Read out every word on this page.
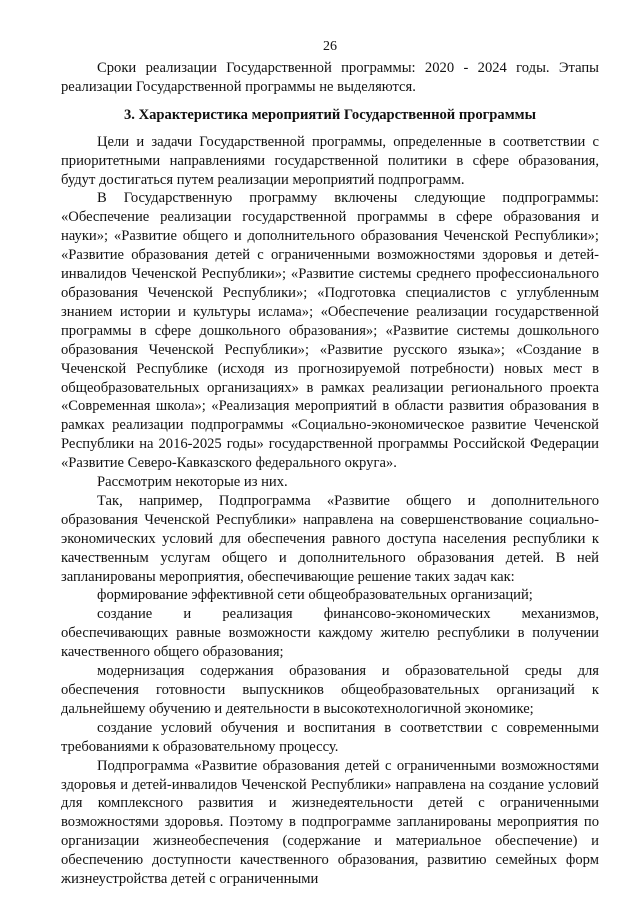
26

Сроки реализации Государственной программы: 2020 - 2024 годы. Этапы реализации Государственной программы не выделяются.

3. Характеристика мероприятий Государственной программы

Цели и задачи Государственной программы, определенные в соответствии с приоритетными направлениями государственной политики в сфере образования, будут достигаться путем реализации мероприятий подпрограмм.

В Государственную программу включены следующие подпрограммы: «Обеспечение реализации государственной программы в сфере образования и науки»; «Развитие общего и дополнительного образования Чеченской Республики»; «Развитие образования детей с ограниченными возможностями здоровья и детей-инвалидов Чеченской Республики»; «Развитие системы среднего профессионального образования Чеченской Республики»; «Подготовка специалистов с углубленным знанием истории и культуры ислама»; «Обеспечение реализации государственной программы в сфере дошкольного образования»; «Развитие системы дошкольного образования Чеченской Республики»; «Развитие русского языка»; «Создание в Чеченской Республике (исходя из прогнозируемой потребности) новых мест в общеобразовательных организациях» в рамках реализации регионального проекта «Современная школа»; «Реализация мероприятий в области развития образования в рамках реализации подпрограммы «Социально-экономическое развитие Чеченской Республики на 2016-2025 годы» государственной программы Российской Федерации «Развитие Северо-Кавказского федерального округа».

Рассмотрим некоторые из них.

Так, например, Подпрограмма «Развитие общего и дополнительного образования Чеченской Республики» направлена на совершенствование социально-экономических условий для обеспечения равного доступа населения республики к качественным услугам общего и дополнительного образования детей. В ней запланированы мероприятия, обеспечивающие решение таких задач как:

формирование эффективной сети общеобразовательных организаций;

создание и реализация финансово-экономических механизмов, обеспечивающих равные возможности каждому жителю республики в получении качественного общего образования;

модернизация содержания образования и образовательной среды для обеспечения готовности выпускников общеобразовательных организаций к дальнейшему обучению и деятельности в высокотехнологичной экономике;

создание условий обучения и воспитания в соответствии с современными требованиями к образовательному процессу.

Подпрограмма «Развитие образования детей с ограниченными возможностями здоровья и детей-инвалидов Чеченской Республики» направлена на создание условий для комплексного развития и жизнедеятельности детей с ограниченными возможностями здоровья. Поэтому в подпрограмме запланированы мероприятия по организации жизнеобеспечения (содержание и материальное обеспечение) и обеспечению доступности качественного образования, развитию семейных форм жизнеустройства детей с ограниченными
